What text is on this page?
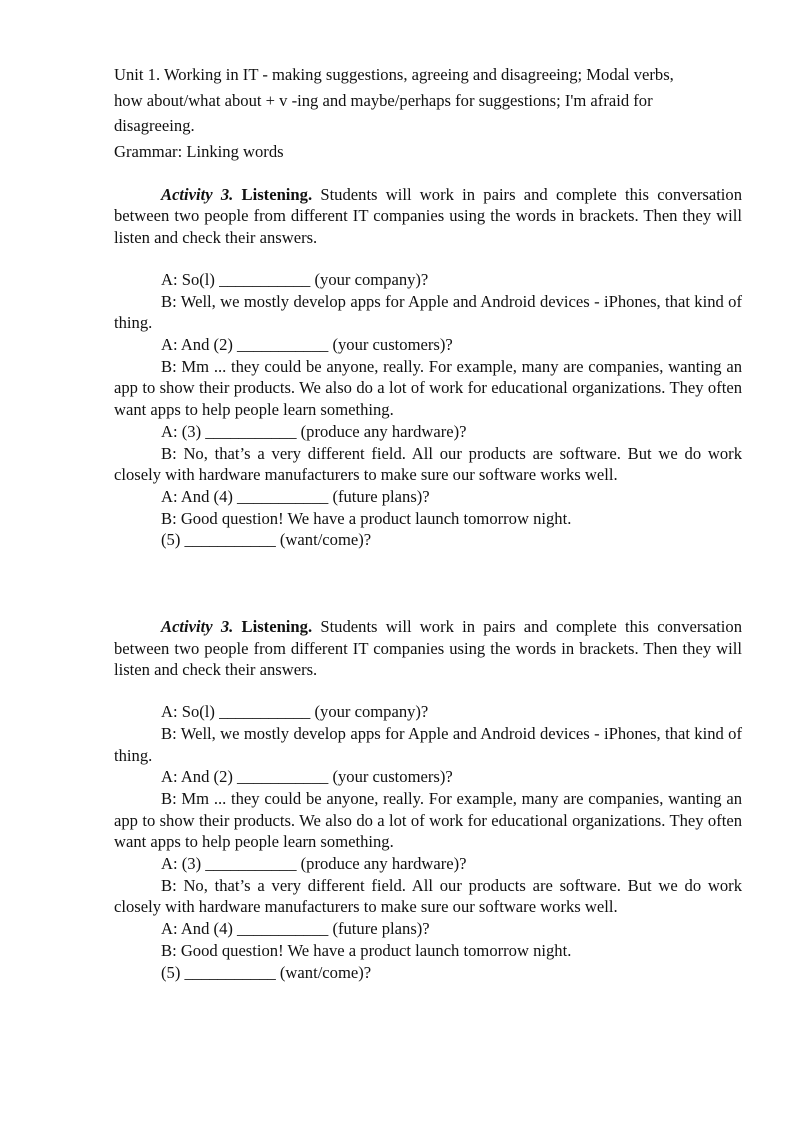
Unit 1. Working in IT - making suggestions, agreeing and disagreeing; Modal verbs,

how about/what about + v -ing and maybe/perhaps for suggestions; I'm afraid for

disagreeing.

Grammar: Linking words

Activity 3. Listening. Students will work in pairs and complete this conversation between two people from different IT companies using the words in brackets. Then they will listen and check their answers.

A: So(l) ___________ (your company)?

B: Well, we mostly develop apps for Apple and Android devices - iPhones, that kind of thing.

A: And (2) ___________ (your customers)?

B: Mm ... they could be anyone, really. For example, many are companies, wanting an app to show their products. We also do a lot of work for educational organizations. They often want apps to help people learn something.

A: (3) ___________ (produce any hardware)?

B: No, that’s a very different field. All our products are software. But we do work closely with hardware manufacturers to make sure our software works well.

A: And (4) ___________ (future plans)?

B: Good question! We have a product launch tomorrow night.

(5) ___________ (want/come)?

Activity 3. Listening. Students will work in pairs and complete this conversation between two people from different IT companies using the words in brackets. Then they will listen and check their answers.

A: So(l) ___________ (your company)?

B: Well, we mostly develop apps for Apple and Android devices - iPhones, that kind of thing.

A: And (2) ___________ (your customers)?

B: Mm ... they could be anyone, really. For example, many are companies, wanting an app to show their products. We also do a lot of work for educational organizations. They often want apps to help people learn something.

A: (3) ___________ (produce any hardware)?

B: No, that’s a very different field. All our products are software. But we do work closely with hardware manufacturers to make sure our software works well.

A: And (4) ___________ (future plans)?

B: Good question! We have a product launch tomorrow night.

(5) ___________ (want/come)?
